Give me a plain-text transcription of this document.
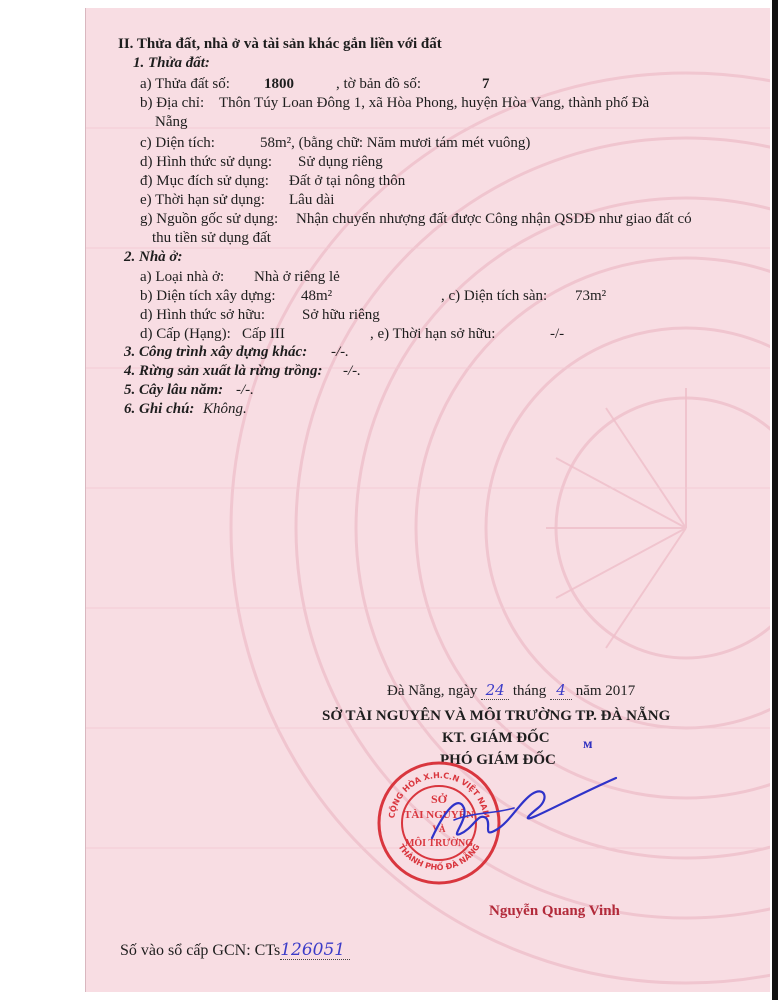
II. Thửa đất, nhà ở và tài sản khác gắn liền với đất
1. Thửa đất:
a) Thửa đất số: 1800	, tờ bản đồ số:	7
b) Địa chỉ: Thôn Túy Loan Đông 1, xã Hòa Phong, huyện Hòa Vang, thành phố Đà
Nẵng
c) Diện tích:	58m², (bằng chữ: Năm mươi tám mét vuông)
d) Hình thức sử dụng: Sử dụng riêng
đ) Mục đích sử dụng: Đất ở tại nông thôn
e) Thời hạn sử dụng: Lâu dài
g) Nguồn gốc sử dụng: Nhận chuyển nhượng đất được Công nhận QSDĐ như giao đất có
thu tiền sử dụng đất
2. Nhà ở:
a) Loại nhà ở: Nhà ở riêng lẻ
b) Diện tích xây dựng: 48m²	, c) Diện tích sàn: 73m²
d) Hình thức sở hữu: Sở hữu riêng
d) Cấp (Hạng): Cấp III	, e) Thời hạn sở hữu:	-/-
3. Công trình xây dựng khác: -/-.
4. Rừng sản xuất là rừng trồng: -/-.
5. Cây lâu năm: -/-.
6. Ghi chú: Không.
Đà Nẵng, ngày 24 tháng 4 năm 2017
SỞ TÀI NGUYÊN VÀ MÔI TRƯỜNG TP. ĐÀ NẴNG
KT. GIÁM ĐỐC
PHÓ GIÁM ĐỐC
ᴍ
CỘNG HÒA X.H.C.N VIỆT NAM
THÀNH PHỐ ĐÀ NẴNG
SỞ
TÀI NGUYÊN
VÀ
MÔI TRƯỜNG
Nguyễn Quang Vinh
Số vào sổ cấp GCN: CTs126051
